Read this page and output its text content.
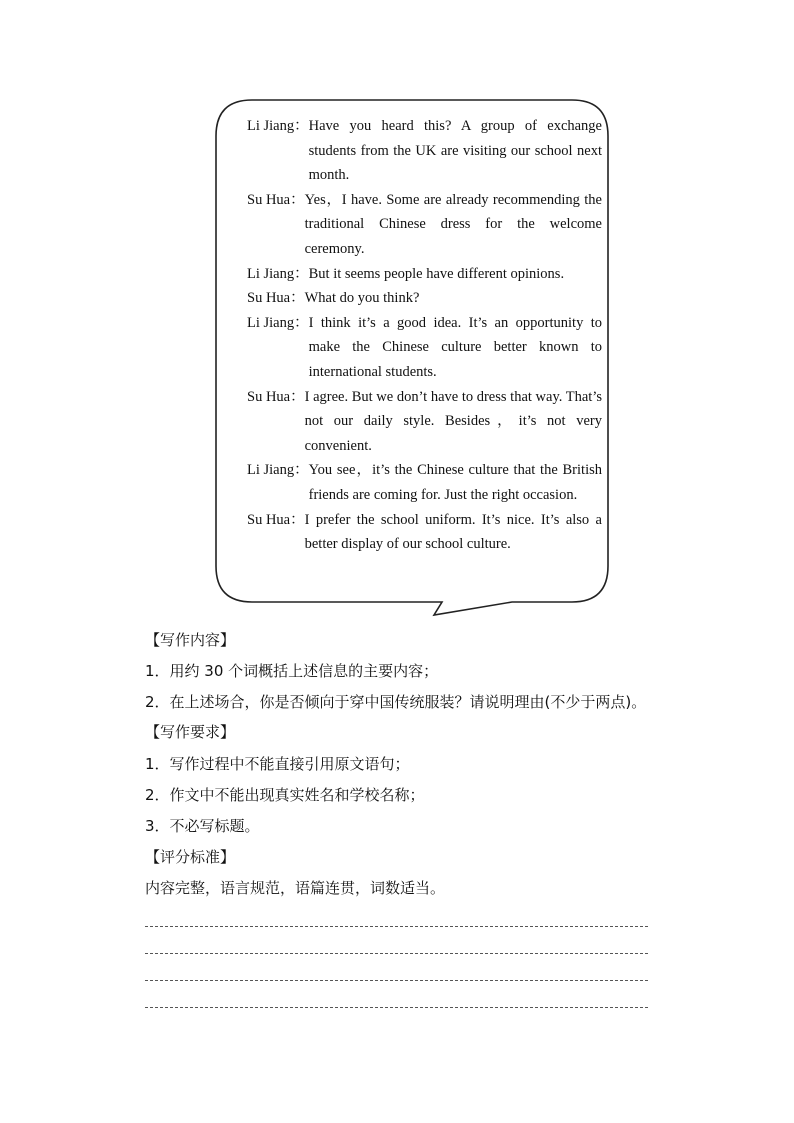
Li Jiang： Have you heard this? A group of exchange students from the UK are visiting our school next month.
Su Hua： Yes，I have. Some are already recommending the traditional Chinese dress for the welcome ceremony.
Li Jiang： But it seems people have different opinions.
Su Hua： What do you think?
Li Jiang： I think it’s a good idea. It’s an opportunity to make the Chinese culture better known to international students.
Su Hua： I agree. But we don’t have to dress that way. That’s not our daily style. Besides，it’s not very convenient.
Li Jiang： You see，it’s the Chinese culture that the British friends are coming for. Just the right occasion.
Su Hua： I prefer the school uniform. It’s nice. It’s also a better display of our school culture.
【写作内容】
1．用约 30 个词概括上述信息的主要内容；
2．在上述场合，你是否倾向于穿中国传统服装？请说明理由(不少于两点)。
【写作要求】
1．写作过程中不能直接引用原文语句；
2．作文中不能出现真实姓名和学校名称；
3．不必写标题。
【评分标准】
内容完整，语言规范，语篇连贯，词数适当。
